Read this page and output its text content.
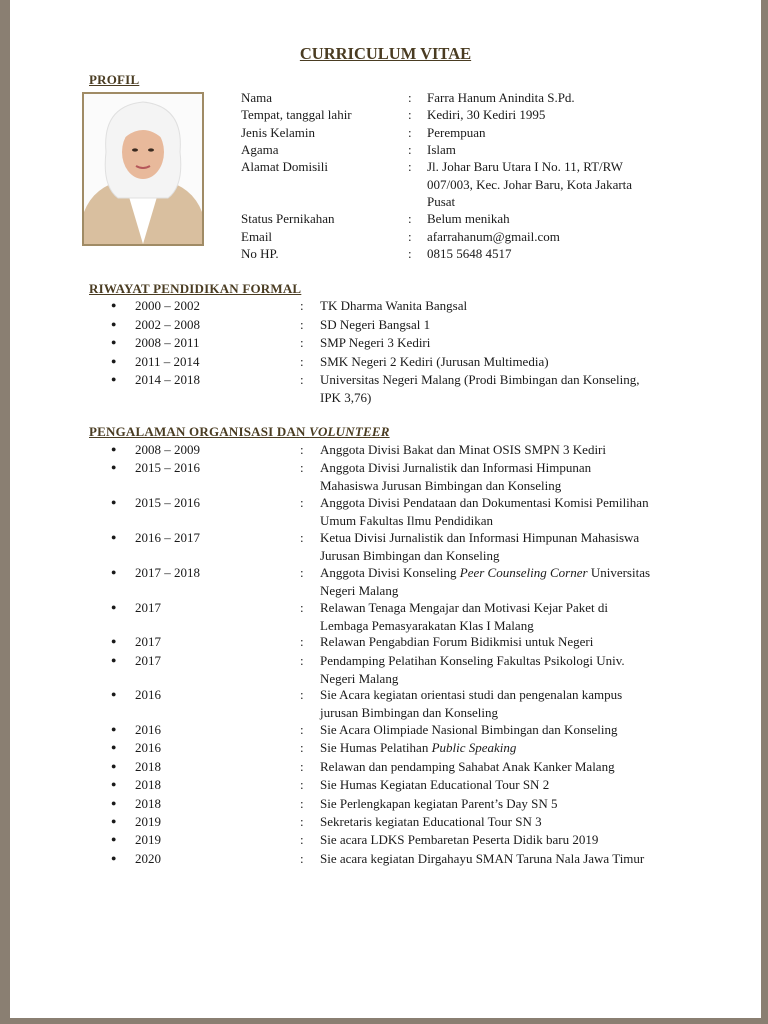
CURRICULUM VITAE
PROFIL
Nama	: Farra Hanum Anindita S.Pd.
Tempat, tanggal lahir	: Kediri, 30 Kediri 1995
Jenis Kelamin	: Perempuan
Agama	: Islam
Alamat Domisili	: Jl. Johar Baru Utara I No. 11, RT/RW
007/003, Kec. Johar Baru, Kota Jakarta
Pusat
Status Pernikahan	: Belum menikah
Email	: afarrahanum@gmail.com
No HP.	: 0815 5648 4517
RIWAYAT PENDIDIKAN FORMAL
● 2000 – 2002	: TK Dharma Wanita Bangsal
● 2002 – 2008	: SD Negeri Bangsal 1
● 2008 – 2011	: SMP Negeri 3 Kediri
● 2011 – 2014	: SMK Negeri 2 Kediri (Jurusan Multimedia)
● 2014 – 2018	: Universitas Negeri Malang (Prodi Bimbingan dan Konseling,
IPK 3,76)
PENGALAMAN ORGANISASI DAN VOLUNTEER
● 2008 – 2009	: Anggota Divisi Bakat dan Minat OSIS SMPN 3 Kediri
● 2015 – 2016	: Anggota Divisi Jurnalistik dan Informasi Himpunan
Mahasiswa Jurusan Bimbingan dan Konseling
● 2015 – 2016	: Anggota Divisi Pendataan dan Dokumentasi Komisi Pemilihan
Umum Fakultas Ilmu Pendidikan
● 2016 – 2017	: Ketua Divisi Jurnalistik dan Informasi Himpunan Mahasiswa
Jurusan Bimbingan dan Konseling
● 2017 – 2018	: Anggota Divisi Konseling Peer Counseling Corner Universitas
Negeri Malang
● 2017	: Relawan Tenaga Mengajar dan Motivasi Kejar Paket di
Lembaga Pemasyarakatan Klas I Malang
● 2017	: Relawan Pengabdian Forum Bidikmisi untuk Negeri
● 2017	: Pendamping Pelatihan Konseling Fakultas Psikologi Univ.
Negeri Malang
● 2016	: Sie Acara kegiatan orientasi studi dan pengenalan kampus
jurusan Bimbingan dan Konseling
● 2016	: Sie Acara Olimpiade Nasional Bimbingan dan Konseling
● 2016	: Sie Humas Pelatihan Public Speaking
● 2018	: Relawan dan pendamping Sahabat Anak Kanker Malang
● 2018	: Sie Humas Kegiatan Educational Tour SN 2
● 2018	: Sie Perlengkapan kegiatan Parent’s Day SN 5
● 2019	: Sekretaris kegiatan Educational Tour SN 3
● 2019	: Sie acara LDKS Pembaretan Peserta Didik baru 2019
● 2020	: Sie acara kegiatan Dirgahayu SMAN Taruna Nala Jawa Timur
